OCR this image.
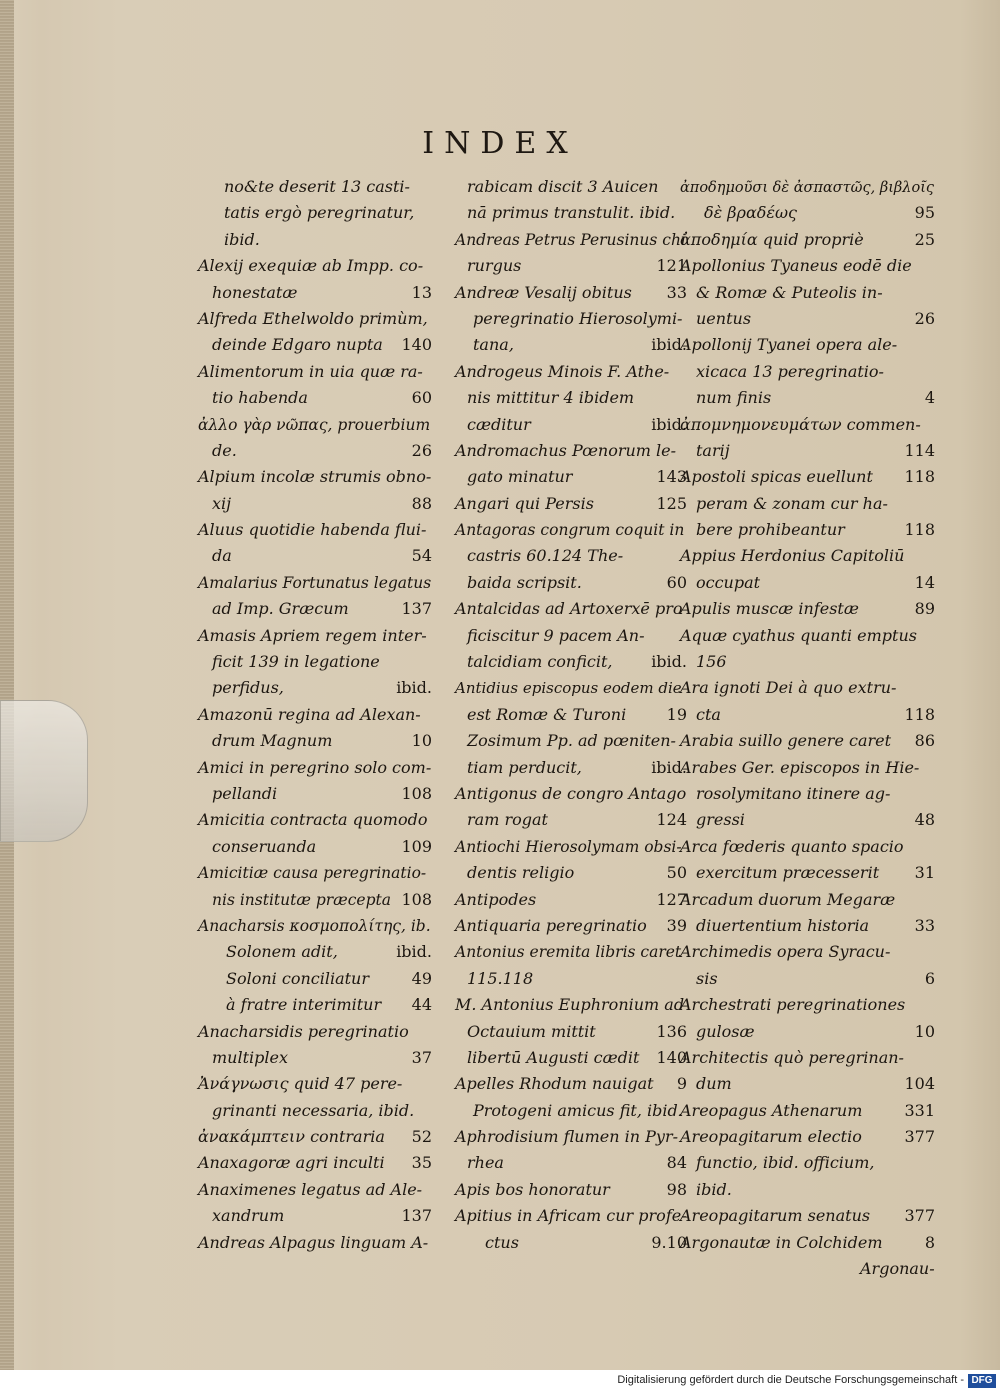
INDEX
no&te deserit 13 casti-
tatis ergò peregrinatur,
ibid.
Alexij exequiæ ab Impp. co-
honestatæ	13
Alfreda Ethelwoldo primùm,
deinde Edgaro nupta 140
Alimentorum in uia quæ ra-
tio habenda	60
ἀλλο γὰρ νῶπας, prouerbium
de.	26
Alpium incolæ strumis obno-
xij	88
Aluus quotidie habenda flui-
da	54
Amalarius Fortunatus legatus
ad Imp. Græcum	137
Amasis Apriem regem inter-
ficit 139 in legatione
perfidus,	ibid.
Amazonū regina ad Alexan-
drum Magnum	10
Amici in peregrino solo com-
pellandi	108
Amicitia contracta quomodo
conseruanda	109
Amicitiæ causa peregrinatio-
nis institutæ præcepta 108
Anacharsis κοσμοπολίτης, ib.
Solonem adit,	ibid.
Soloni conciliatur	49
à fratre interimitur 44
Anacharsidis peregrinatio
multiplex	37
Ἀνάγνωσις quid 47 pere-
grinanti necessaria, ibid.
ἀνακάμπτειν contraria 52
Anaxagoræ agri inculti 35
Anaximenes legatus ad Ale-
xandrum	137
Andreas Alpagus linguam A-
rabicam discit 3 Auicen
nā primus transtulit. ibid.
Andreas Petrus Perusinus chi
rurgus	121
Andreæ Vesalij obitus 33
peregrinatio Hierosolymi-
tana,	ibid.
Androgeus Minois F. Athe-
nis mittitur 4 ibidem
cæditur	ibid.
Andromachus Pœnorum le-
gato minatur	143
Angari qui Persis	125
Antagoras congrum coquit in
castris 60.124 The-
baida scripsit.	60
Antalcidas ad Artoxerxē pro
ficiscitur 9 pacem An-
talcidiam conficit, ibid.
Antidius episcopus eodem die
est Romæ & Turoni	19
Zosimum Pp. ad pœniten-
tiam perducit,	ibid.
Antigonus de congro Antago
ram rogat	124
Antiochi Hierosolymam obsi-
dentis religio	50
Antipodes	127
Antiquaria peregrinatio 39
Antonius eremita libris caret
115.118
M. Antonius Euphronium ad
Octauium mittit	136
libertū Augusti cædit 140
Apelles Rhodum nauigat 9
Protogeni amicus fit, ibid.
Aphrodisium flumen in Pyr-
rhea	84
Apis bos honoratur	98
Apitius in Africam cur profe-
ctus	9.10
ἀποδημοῦσι δὲ ἀσπαστῶς, βιβλοῖς
δὲ βραδέως	95
ἀποδημία quid propriè	25
Apollonius Tyaneus eodē die
& Romæ & Puteolis in-
uentus	26
Apollonij Tyanei opera ale-
xicaca 13 peregrinatio-
num finis	4
ἀπομνημονευμάτων commen-
tarij	114
Apostoli spicas euellunt 118
peram & zonam cur ha-
bere prohibeantur	118
Appius Herdonius Capitoliū
occupat	14
Apulis muscæ infestæ	89
Aquæ cyathus quanti emptus
156
Ara ignoti Dei à quo extru-
cta	118
Arabia suillo genere caret 86
Arabes Ger. episcopos in Hie-
rosolymitano itinere ag-
gressi	48
Arca fœderis quanto spacio
exercitum præcesserit 31
Arcadum duorum Megaræ
diuertentium historia	33
Archimedis opera Syracu-
sis	6
Archestrati peregrinationes
gulosæ	10
Architectis quò peregrinan-
dum	104
Areopagus Athenarum	331
Areopagitarum electio	377
functio, ibid. officium,
ibid.
Areopagitarum senatus 377
Argonautæ in Colchidem	8
Argonau-
Digitalisierung gefördert durch die Deutsche Forschungsgemeinschaft - DFG
